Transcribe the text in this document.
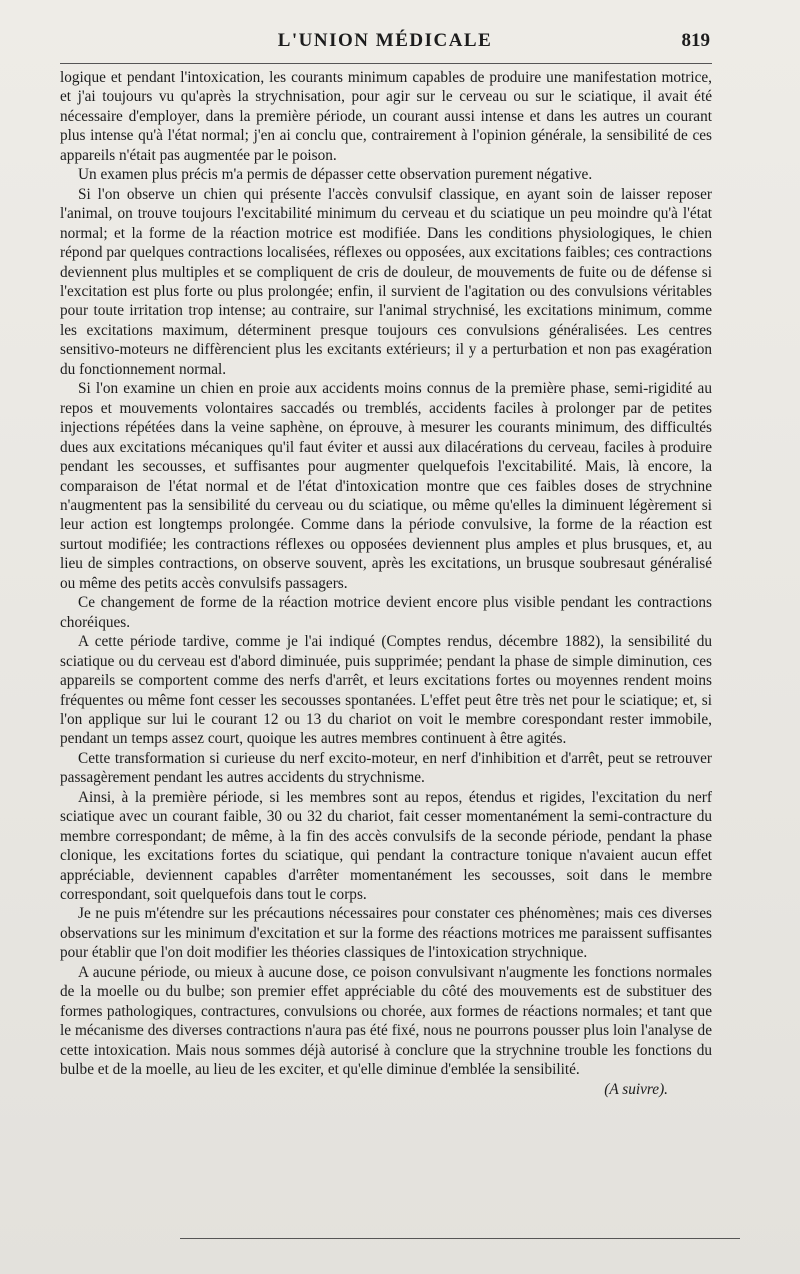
L'UNION MÉDICALE	819

logique et pendant l'intoxication, les courants minimum capables de produire une manifestation motrice, et j'ai toujours vu qu'après la strychnisation, pour agir sur le cerveau ou sur le sciatique, il avait été nécessaire d'employer, dans la première période, un courant aussi intense et dans les autres un courant plus intense qu'à l'état normal; j'en ai conclu que, contrairement à l'opinion générale, la sensibilité de ces appareils n'était pas augmentée par le poison.

Un examen plus précis m'a permis de dépasser cette observation purement négative.

Si l'on observe un chien qui présente l'accès convulsif classique, en ayant soin de laisser reposer l'animal, on trouve toujours l'excitabilité minimum du cerveau et du sciatique un peu moindre qu'à l'état normal; et la forme de la réaction motrice est modifiée. Dans les conditions physiologiques, le chien répond par quelques contractions localisées, réflexes ou opposées, aux excitations faibles; ces contractions deviennent plus multiples et se compliquent de cris de douleur, de mouvements de fuite ou de défense si l'excitation est plus forte ou plus prolongée; enfin, il survient de l'agitation ou des convulsions véritables pour toute irritation trop intense; au contraire, sur l'animal strychnisé, les excitations minimum, comme les excitations maximum, déterminent presque toujours ces convulsions généralisées. Les centres sensitivo-moteurs ne diffèrencient plus les excitants extérieurs; il y a perturbation et non pas exagération du fonctionnement normal.

Si l'on examine un chien en proie aux accidents moins connus de la première phase, semi-rigidité au repos et mouvements volontaires saccadés ou tremblés, accidents faciles à prolonger par de petites injections répétées dans la veine saphène, on éprouve, à mesurer les courants minimum, des difficultés dues aux excitations mécaniques qu'il faut éviter et aussi aux dilacérations du cerveau, faciles à produire pendant les secousses, et suffisantes pour augmenter quelquefois l'excitabilité. Mais, là encore, la comparaison de l'état normal et de l'état d'intoxication montre que ces faibles doses de strychnine n'augmentent pas la sensibilité du cerveau ou du sciatique, ou même qu'elles la diminuent légèrement si leur action est longtemps prolongée. Comme dans la période convulsive, la forme de la réaction est surtout modifiée; les contractions réflexes ou opposées deviennent plus amples et plus brusques, et, au lieu de simples contractions, on observe souvent, après les excitations, un brusque soubresaut généralisé ou même des petits accès convulsifs passagers.

Ce changement de forme de la réaction motrice devient encore plus visible pendant les contractions choréiques.

A cette période tardive, comme je l'ai indiqué (Comptes rendus, décembre 1882), la sensibilité du sciatique ou du cerveau est d'abord diminuée, puis supprimée; pendant la phase de simple diminution, ces appareils se comportent comme des nerfs d'arrêt, et leurs excitations fortes ou moyennes rendent moins fréquentes ou même font cesser les secousses spontanées. L'effet peut être très net pour le sciatique; et, si l'on applique sur lui le courant 12 ou 13 du chariot on voit le membre corespondant rester immobile, pendant un temps assez court, quoique les autres membres continuent à être agités.

Cette transformation si curieuse du nerf excito-moteur, en nerf d'inhibition et d'arrêt, peut se retrouver passagèrement pendant les autres accidents du strychnisme.

Ainsi, à la première période, si les membres sont au repos, étendus et rigides, l'excitation du nerf sciatique avec un courant faible, 30 ou 32 du chariot, fait cesser momentanément la semi-contracture du membre correspondant; de même, à la fin des accès convulsifs de la seconde période, pendant la phase clonique, les excitations fortes du sciatique, qui pendant la contracture tonique n'avaient aucun effet appréciable, deviennent capables d'arrêter momentanément les secousses, soit dans le membre correspondant, soit quelquefois dans tout le corps.

Je ne puis m'étendre sur les précautions nécessaires pour constater ces phénomènes; mais ces diverses observations sur les minimum d'excitation et sur la forme des réactions motrices me paraissent suffisantes pour établir que l'on doit modifier les théories classiques de l'intoxication strychnique.

A aucune période, ou mieux à aucune dose, ce poison convulsivant n'augmente les fonctions normales de la moelle ou du bulbe; son premier effet appréciable du côté des mouvements est de substituer des formes pathologiques, contractures, convulsions ou chorée, aux formes de réactions normales; et tant que le mécanisme des diverses contractions n'aura pas été fixé, nous ne pourrons pousser plus loin l'analyse de cette intoxication. Mais nous sommes déjà autorisé à conclure que la strychnine trouble les fonctions du bulbe et de la moelle, au lieu de les exciter, et qu'elle diminue d'emblée la sensibilité.

(A suivre).
